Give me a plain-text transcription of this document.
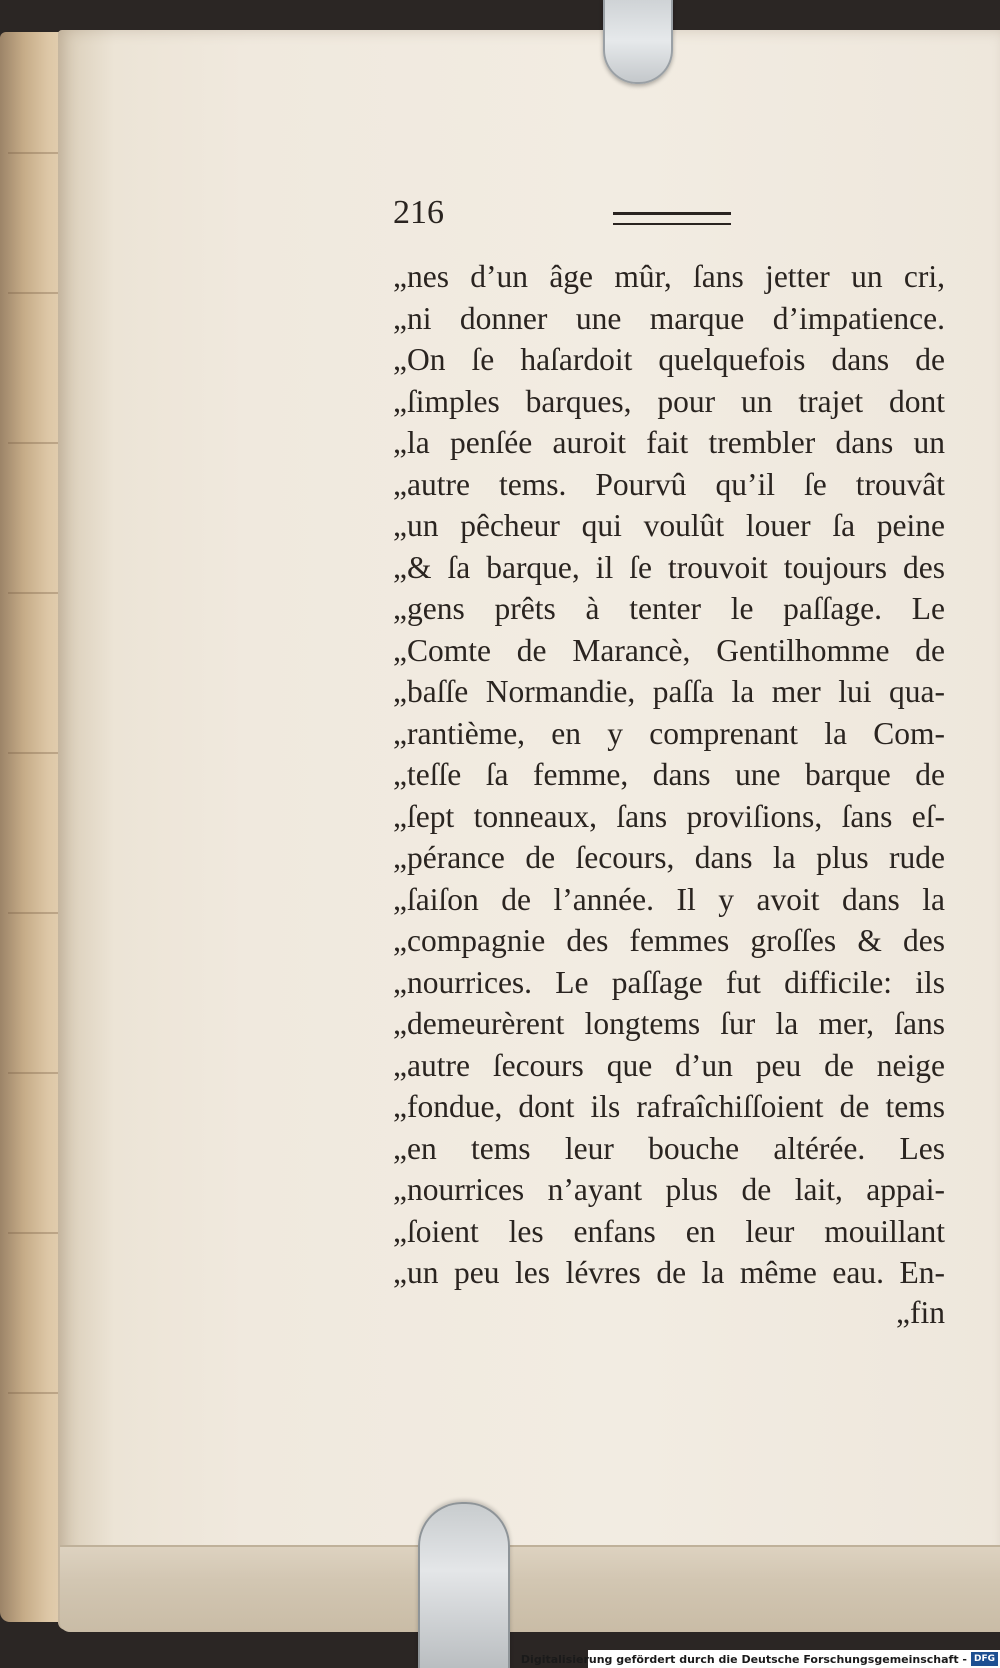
216
„nes d’un âge mûr, ſans jetter un cri,
„ni donner une marque d’impatience.
„On ſe haſardoit quelquefois dans de
„ſimples barques, pour un trajet dont
„la penſée auroit fait trembler dans un
„autre tems. Pourvû qu’il ſe trouvât
„un pêcheur qui voulût louer ſa peine
„& ſa barque, il ſe trouvoit toujours des
„gens prêts à tenter le paſſage. Le
„Comte de Marancè, Gentilhomme de
„baſſe Normandie, paſſa la mer lui qua-
„rantième, en y comprenant la Com-
„teſſe ſa femme, dans une barque de
„ſept tonneaux, ſans proviſions, ſans eſ-
„pérance de ſecours, dans la plus rude
„ſaiſon de l’année. Il y avoit dans la
„compagnie des femmes groſſes & des
„nourrices. Le paſſage fut difficile: ils
„demeurèrent longtems ſur la mer, ſans
„autre ſecours que d’un peu de neige
„fondue, dont ils rafraîchiſſoient de tems
„en tems leur bouche altérée. Les
„nourrices n’ayant plus de lait, appai-
„ſoient les enfans en leur mouillant
„un peu les lévres de la même eau. En-
„fin
Digitalisierung gefördert durch die Deutsche Forschungsgemeinschaft - DFG
